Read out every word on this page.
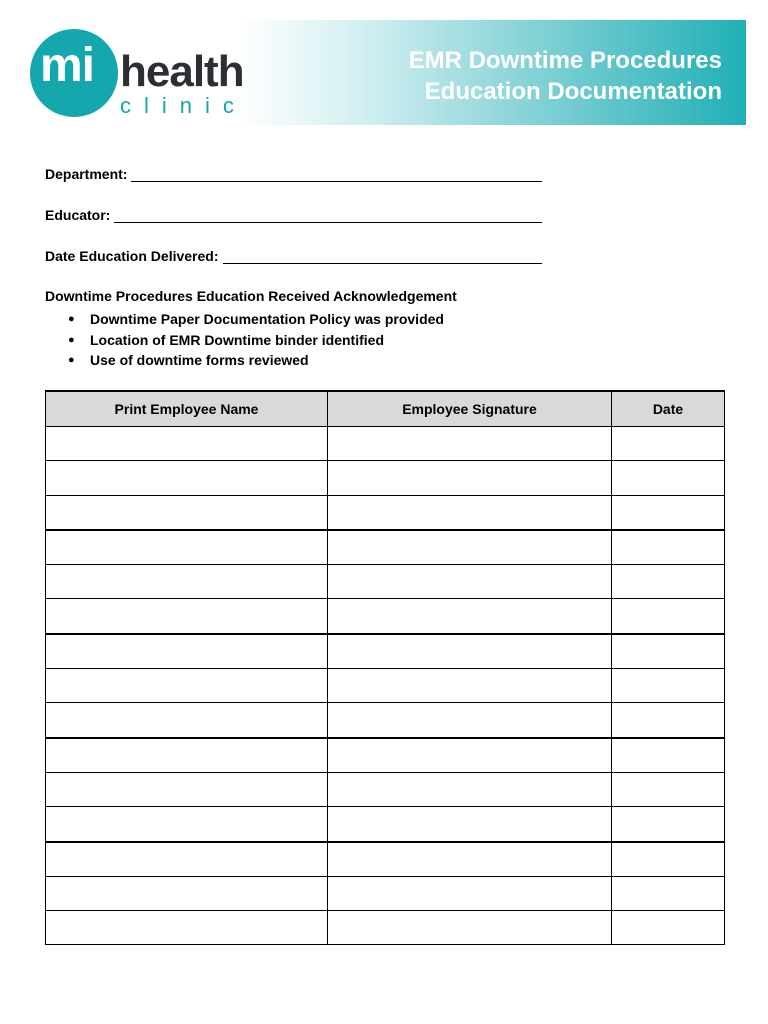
mi health
clinic
EMR Downtime Procedures
Education Documentation
Department:
Educator:
Date Education Delivered:
Downtime Procedures Education Received Acknowledgement
●	Downtime Paper Documentation Policy was provided
●	Location of EMR Downtime binder identified
●	Use of downtime forms reviewed
Print Employee Name	Employee Signature	Date
